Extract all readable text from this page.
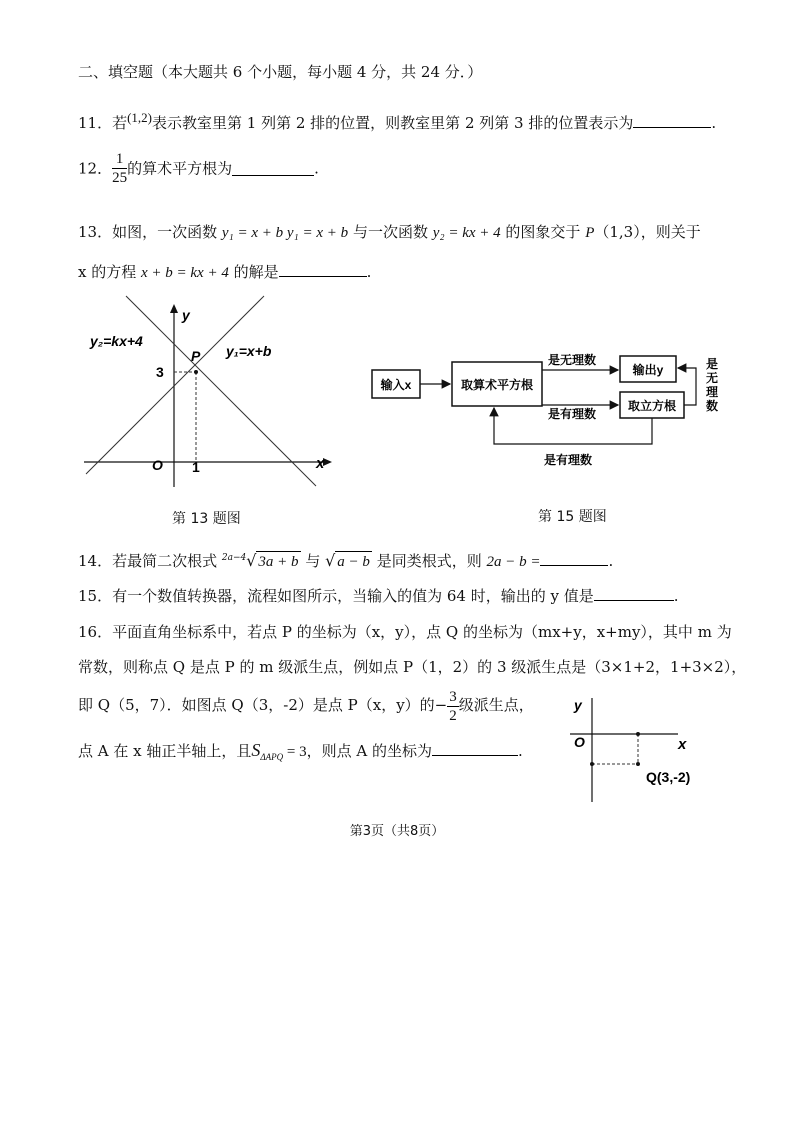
二、填空题（本大题共 6 个小题，每小题 4 分，共 24 分．）
11．若$^{(1,2)}$表示教室里第 1 列第 2 排的位置，则教室里第 2 列第 3 排的位置表示为	.
12． $\frac{1}{25}$ 的算术平方根为	.
13．如图，一次函数 y₁ = x + b y₁ = x + b 与一次函数 y₂ = kx + 4 的图象交于 P（1,3），则关于
x 的方程 x + b = kx + 4 的解是	.
y₂=kx+4
y₁=x+b
P
y
x
O
3
1
第 13 题图
输入x	取算术平方根
输出y
取立方根
是无理数
是有理数
是有理数
是无理数
第 15 题图
14．若最简二次根式 $^{2a-4}$√ 3a + b 与 √ a − b 是同类根式，则 2a − b =	.
15．有一个数值转换器，流程如图所示，当输入的值为 64 时，输出的 y 值是	.
16．平面直角坐标系中，若点 P 的坐标为（x，y），点 Q 的坐标为（mx+y，x+my），其中 m 为
常数，则称点 Q 是点 P 的 m 级派生点，例如点 P（1，2）的 3 级派生点是（3×1+2，1+3×2），
即 Q（5，7）．如图点 Q（3，-2）是点 P（x，y）的− $\frac{3}{2}$ 级派生点，
点 A 在 x 轴正半轴上，且$S_{\Delta APQ} = 3$，则点 A 的坐标为	.
y
x
O
Q(3,-2)
第3页（共8页）
